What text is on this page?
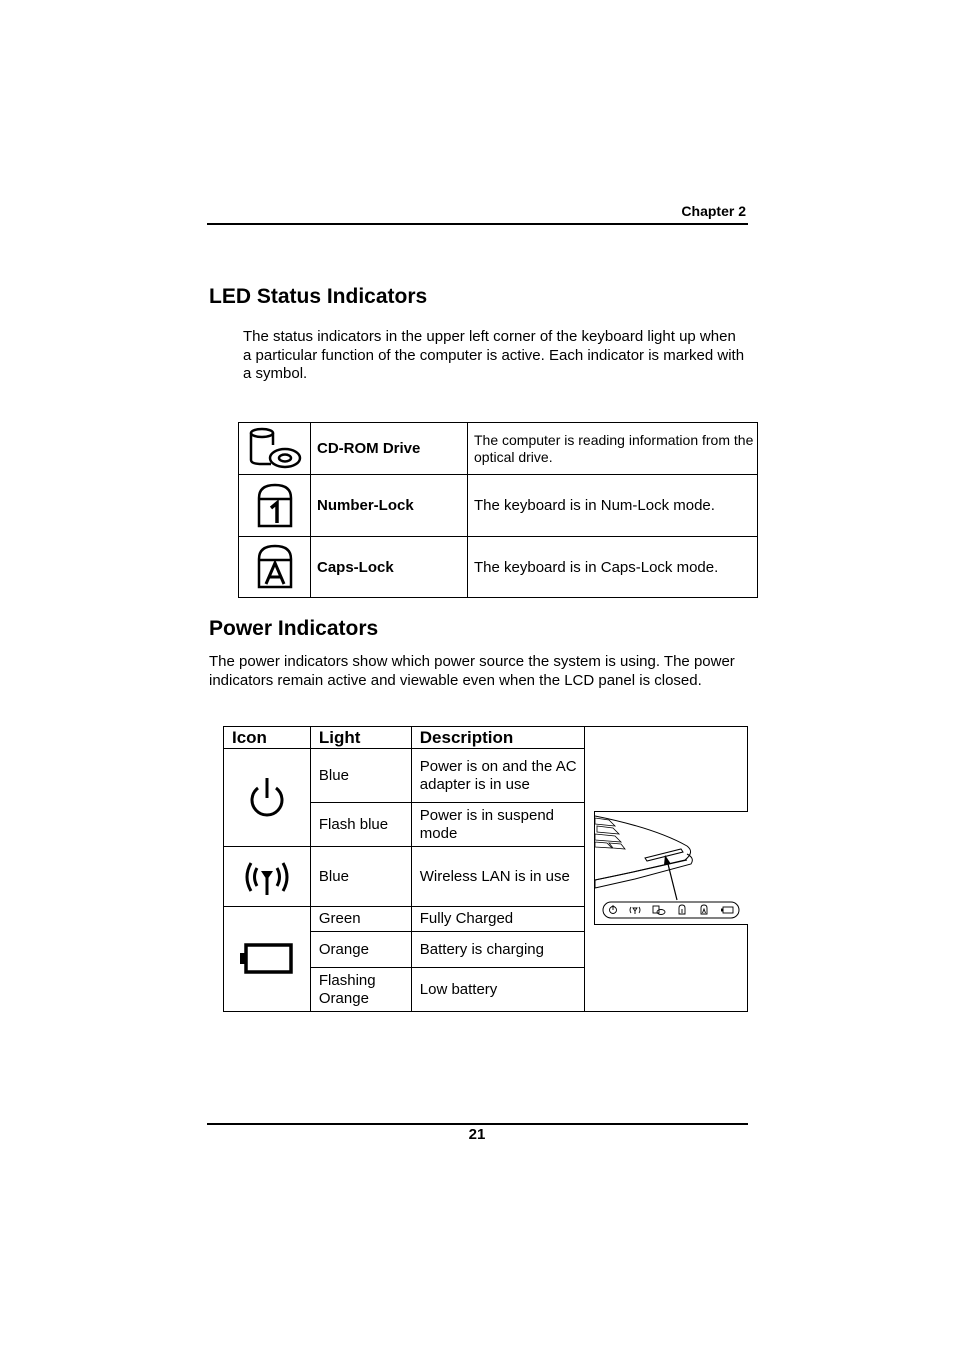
Chapter 2
LED Status Indicators

The status indicators in the upper left corner of the keyboard light up when a particular function of the computer is active. Each indicator is marked with a symbol.

	CD-ROM Drive	The computer is reading information from the optical drive.

	Number-Lock	The keyboard is in Num-Lock mode.

	Caps-Lock	The keyboard is in Caps-Lock mode.
Power Indicators

The power indicators show which power source the system is using. The power indicators remain active and viewable even when the LCD panel is closed.

Icon	Light	Description	

	Blue	Power is on and the AC adapter is in use	
	Flash blue	Power is in suspend mode	

	Blue	Wireless LAN is in use	

	Green	Fully Charged	
	Orange	Battery is charging	
	Flashing Orange	Low battery	
21
